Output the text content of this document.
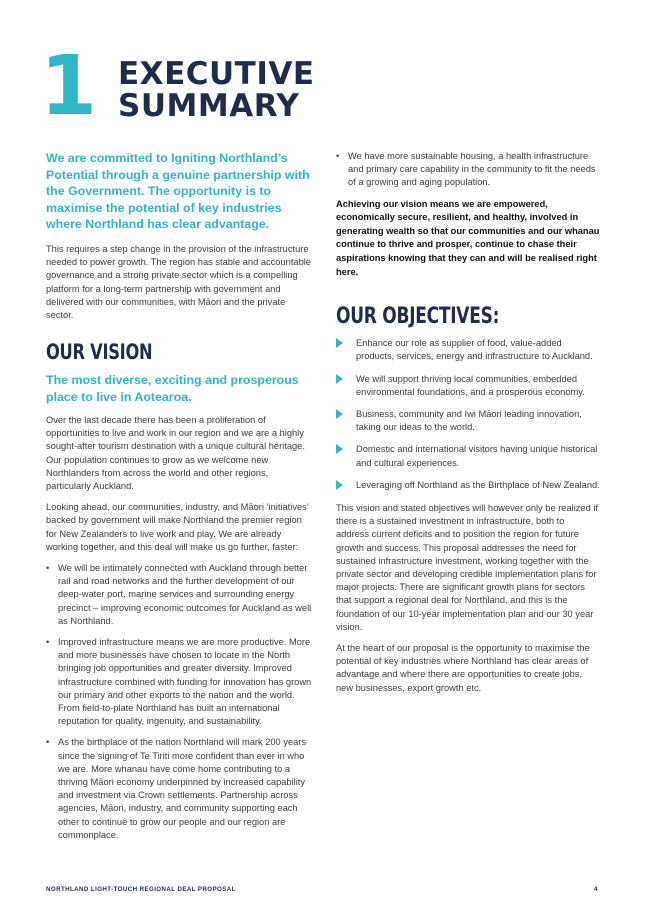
1 EXECUTIVE
SUMMARY
We are committed to Igniting Northland’s Potential through a genuine partnership with the Government. The opportunity is to maximise the potential of key industries where Northland has clear advantage.

This requires a step change in the provision of the infrastructure needed to power growth. The region has stable and accountable governance and a strong private sector which is a compelling platform for a long-term partnership with government and delivered with our communities, with Māori and the private sector.

OUR VISION
The most diverse, exciting and prosperous place to live in Aotearoa.

Over the last decade there has been a proliferation of opportunities to live and work in our region and we are a highly sought-after tourism destination with a unique cultural heritage. Our population continues to grow as we welcome new Northlanders from across the world and other regions, particularly Auckland.

Looking ahead, our communities, industry, and Māori ‘initiatives’ backed by government will make Northland the premier region for New Zealanders to live work and play. We are already working together, and this deal will make us go further, faster:

• We will be intimately connected with Auckland through better rail and road networks and the further development of our deep-water port, marine services and surrounding energy precinct – improving economic outcomes for Auckland as well as Northland.
• Improved infrastructure means we are more productive. More and more businesses have chosen to locate in the North bringing job opportunities and greater diversity. Improved infrastructure combined with funding for innovation has grown our primary and other exports to the nation and the world. From field-to-plate Northland has built an international reputation for quality, ingenuity, and sustainability.
• As the birthplace of the nation Northland will mark 200 years since the signing of Te Tiriti more confident than ever in who we are. More whanau have come home contributing to a thriving Māori economy underpinned by increased capability and investment via Crown settlements. Partnership across agencies, Māori, industry, and community supporting each other to continue to grow our people and our region are commonplace.
• We have more sustainable housing, a health infrastructure and primary care capability in the community to fit the needs of a growing and aging population.

Achieving our vision means we are empowered, economically secure, resilient, and healthy, involved in generating wealth so that our communities and our whanau continue to thrive and prosper, continue to chase their aspirations knowing that they can and will be realised right here.

OUR OBJECTIVES:
Enhance our role as supplier of food, value-added products, services, energy and infrastructure to Auckland.
We will support thriving local communities, embedded environmental foundations, and a prosperous economy.
Business, community and Iwi Māori leading innovation, taking our ideas to the world.
Domestic and international visitors having unique historical and cultural experiences.
Leveraging off Northland as the Birthplace of New Zealand.

This vision and stated objectives will however only be realized if there is a sustained investment in infrastructure, both to address current deficits and to position the region for future growth and success. This proposal addresses the need for sustained infrastructure investment, working together with the private sector and developing credible implementation plans for major projects. There are significant growth plans for sectors that support a regional deal for Northland, and this is the foundation of our 10-year implementation plan and our 30 year vision.

At the heart of our proposal is the opportunity to maximise the potential of key industries where Northland has clear areas of advantage and where there are opportunities to create jobs, new businesses, export growth etc.

NORTHLAND LIGHT-TOUCH REGIONAL DEAL PROPOSAL	4
